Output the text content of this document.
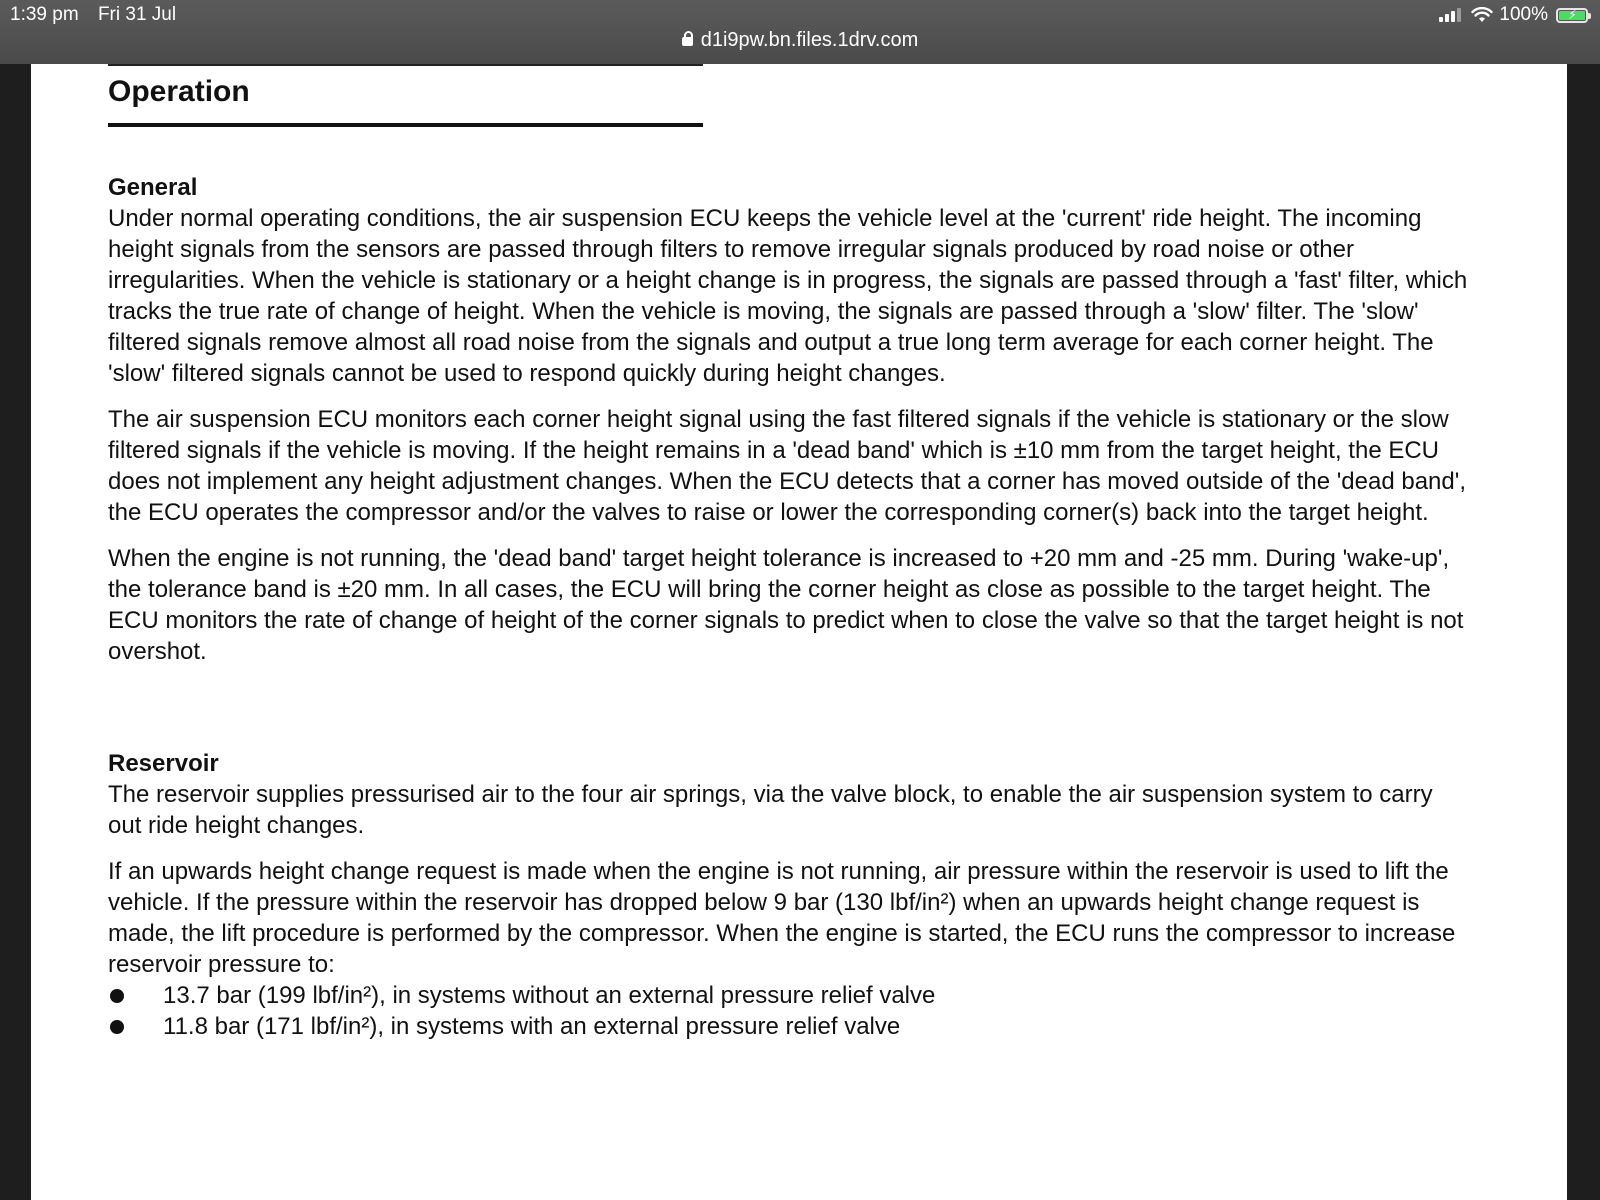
1:39 pm Fri 31 Jul	100% ⚡
d1i9pw.bn.files.1drv.com
Operation
General

Under normal operating conditions, the air suspension ECU keeps the vehicle level at the 'current' ride height. The incoming height signals from the sensors are passed through filters to remove irregular signals produced by road noise or other irregularities. When the vehicle is stationary or a height change is in progress, the signals are passed through a 'fast' filter, which tracks the true rate of change of height. When the vehicle is moving, the signals are passed through a 'slow' filter. The 'slow' filtered signals remove almost all road noise from the signals and output a true long term average for each corner height. The 'slow' filtered signals cannot be used to respond quickly during height changes.

The air suspension ECU monitors each corner height signal using the fast filtered signals if the vehicle is stationary or the slow filtered signals if the vehicle is moving. If the height remains in a 'dead band' which is ±10 mm from the target height, the ECU does not implement any height adjustment changes. When the ECU detects that a corner has moved outside of the 'dead band', the ECU operates the compressor and/or the valves to raise or lower the corresponding corner(s) back into the target height.

When the engine is not running, the 'dead band' target height tolerance is increased to +20 mm and -25 mm. During 'wake-up', the tolerance band is ±20 mm. In all cases, the ECU will bring the corner height as close as possible to the target height. The ECU monitors the rate of change of height of the corner signals to predict when to close the valve so that the target height is not overshot.

Reservoir

The reservoir supplies pressurised air to the four air springs, via the valve block, to enable the air suspension system to carry out ride height changes.

If an upwards height change request is made when the engine is not running, air pressure within the reservoir is used to lift the vehicle. If the pressure within the reservoir has dropped below 9 bar (130 lbf/in²) when an upwards height change request is made, the lift procedure is performed by the compressor. When the engine is started, the ECU runs the compressor to increase reservoir pressure to:

13.7 bar (199 lbf/in²), in systems without an external pressure relief valve
11.8 bar (171 lbf/in²), in systems with an external pressure relief valve
